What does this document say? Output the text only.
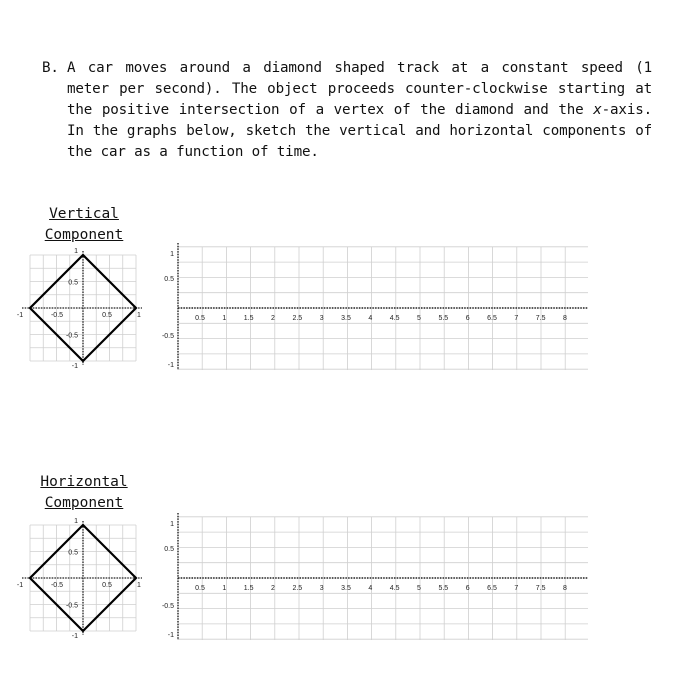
B. A car moves around a diamond shaped track at a constant speed (1 meter per second). The object proceeds counter-clockwise starting at the positive intersection of a vertex of the diamond and the x-axis. In the graphs below, sketch the vertical and horizontal components of the car as a function of time.
Vertical
Component
Horizontal
Component
-1	-0.5	0.5	1
1
0.5
-0.5
-1
0.5	1	1.5	2	2.5	3	3.5	4	4.5	5	5.5	6	6.5	7	7.5	8
1
0.5
-0.5
-1
-1	-0.5	0.5	1
1
0.5
-0.5
-1
0.5	1	1.5	2	2.5	3	3.5	4	4.5	5	5.5	6	6.5	7	7.5	8
1
0.5
-0.5
-1
